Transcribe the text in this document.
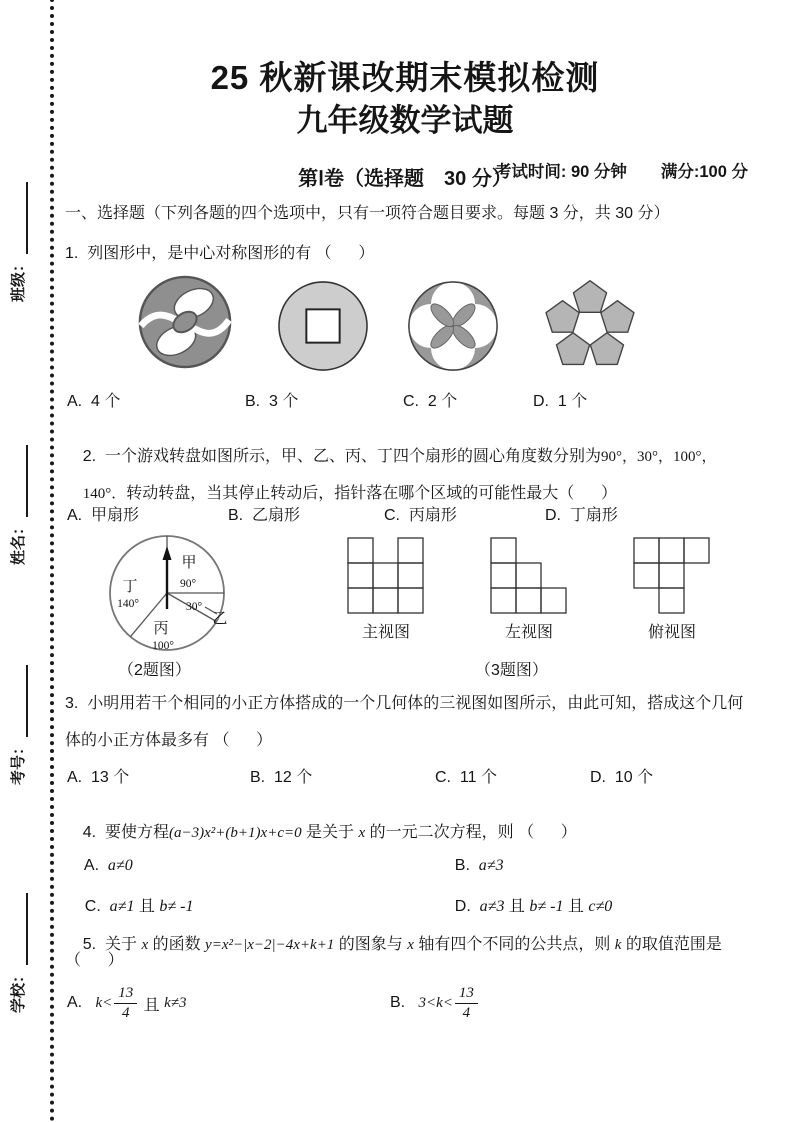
班级：
姓名：
考号：
学校：
25 秋新课改期末模拟检测
九年级数学试题

考试时间: 90 分钟 满分:100 分

第Ⅰ卷（选择题　30 分）
一、选择题（下列各题的四个选项中，只有一项符合题目要求。每题 3 分，共 30 分）
1.  列图形中，是中心对称图形的有 （      ）
A.  4 个	B.  3 个	C.  2 个	D.  1 个

2.  一个游戏转盘如图所示，甲、乙、丙、丁四个扇形的圆心角度数分别为90°，30°，100°，

140°．转动转盘，当其停止转动后，指针落在哪个区域的可能性最大（      ）

A.  甲扇形	B.  乙扇形	C.  丙扇形	D.  丁扇形
甲
90°
30°
乙
丙
100°
丁
140°
主视图	左视图	俯视图
（2题图）	（3题图）
3.  小明用若干个相同的小正方体搭成的一个几何体的三视图如图所示，由此可知，搭成这个几何
体的小正方体最多有 （      ）
A.  13 个	B.  12 个	C.  11 个	D.  10 个

4.  要使方程(a−3)x²+(b+1)x+c=0 是关于 x 的一元二次方程，则 （      ）

A.  a≠0
	B.  a≠3

C.  a≠1 且 b≠ -1
	D.  a≠3 且 b≠ -1 且 c≠0

5.  关于 x 的函数 y=x²−|x−2|−4x+k+1 的图象与 x 轴有四个不同的公共点，则 k 的取值范围是

（      ）
A. $k< \frac{13}{4}$ 且 k≠3	B. $3<k< \frac{13}{4}$
